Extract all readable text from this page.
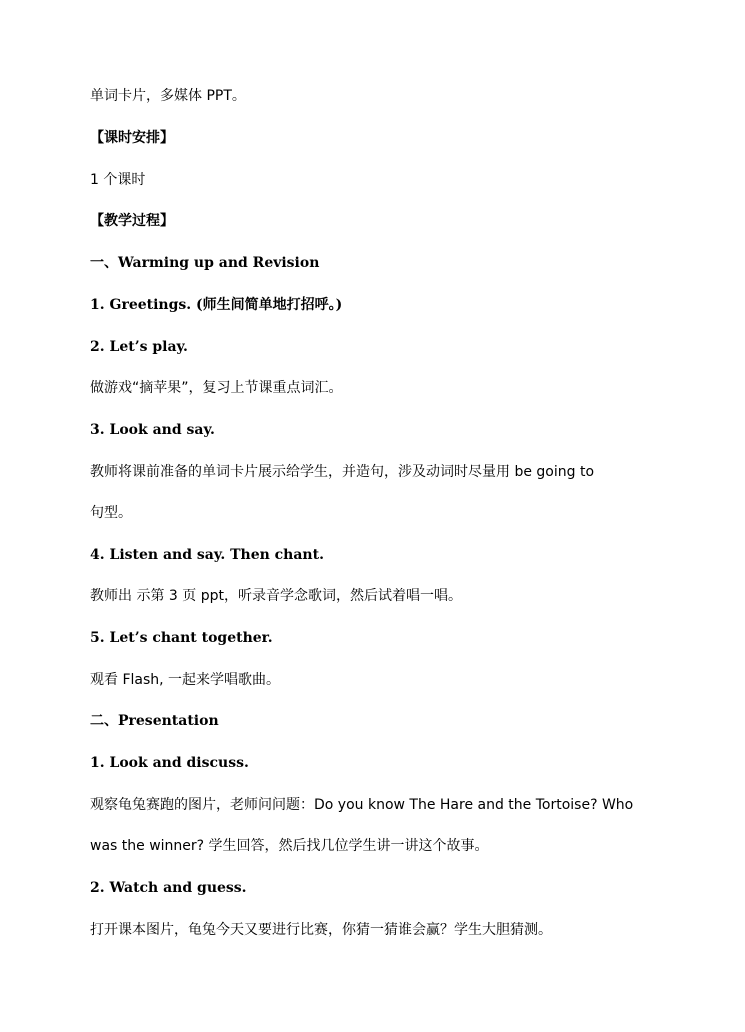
单词卡片，多媒体 PPT。
【课时安排】
1 个课时
【教学过程】
一、Warming up and Revision
1. Greetings. (师生间简单地打招呼。)
2. Let’s play.
做游戏“摘苹果”，复习上节课重点词汇。
3. Look and say.
教师将课前准备的单词卡片展示给学生，并造句，涉及动词时尽量用 be going to
句型。
4. Listen and say. Then chant.
教师出 示第 3 页 ppt，听录音学念歌词，然后试着唱一唱。
5. Let’s chant together.
观看 Flash, 一起来学唱歌曲。
二、Presentation
1. Look and discuss.
观察龟兔赛跑的图片，老师问问题：Do you know The Hare and the Tortoise? Who
was the winner? 学生回答，然后找几位学生讲一讲这个故事。
2. Watch and guess.
打开课本图片，龟兔今天又要进行比赛，你猜一猜谁会赢？学生大胆猜测。
